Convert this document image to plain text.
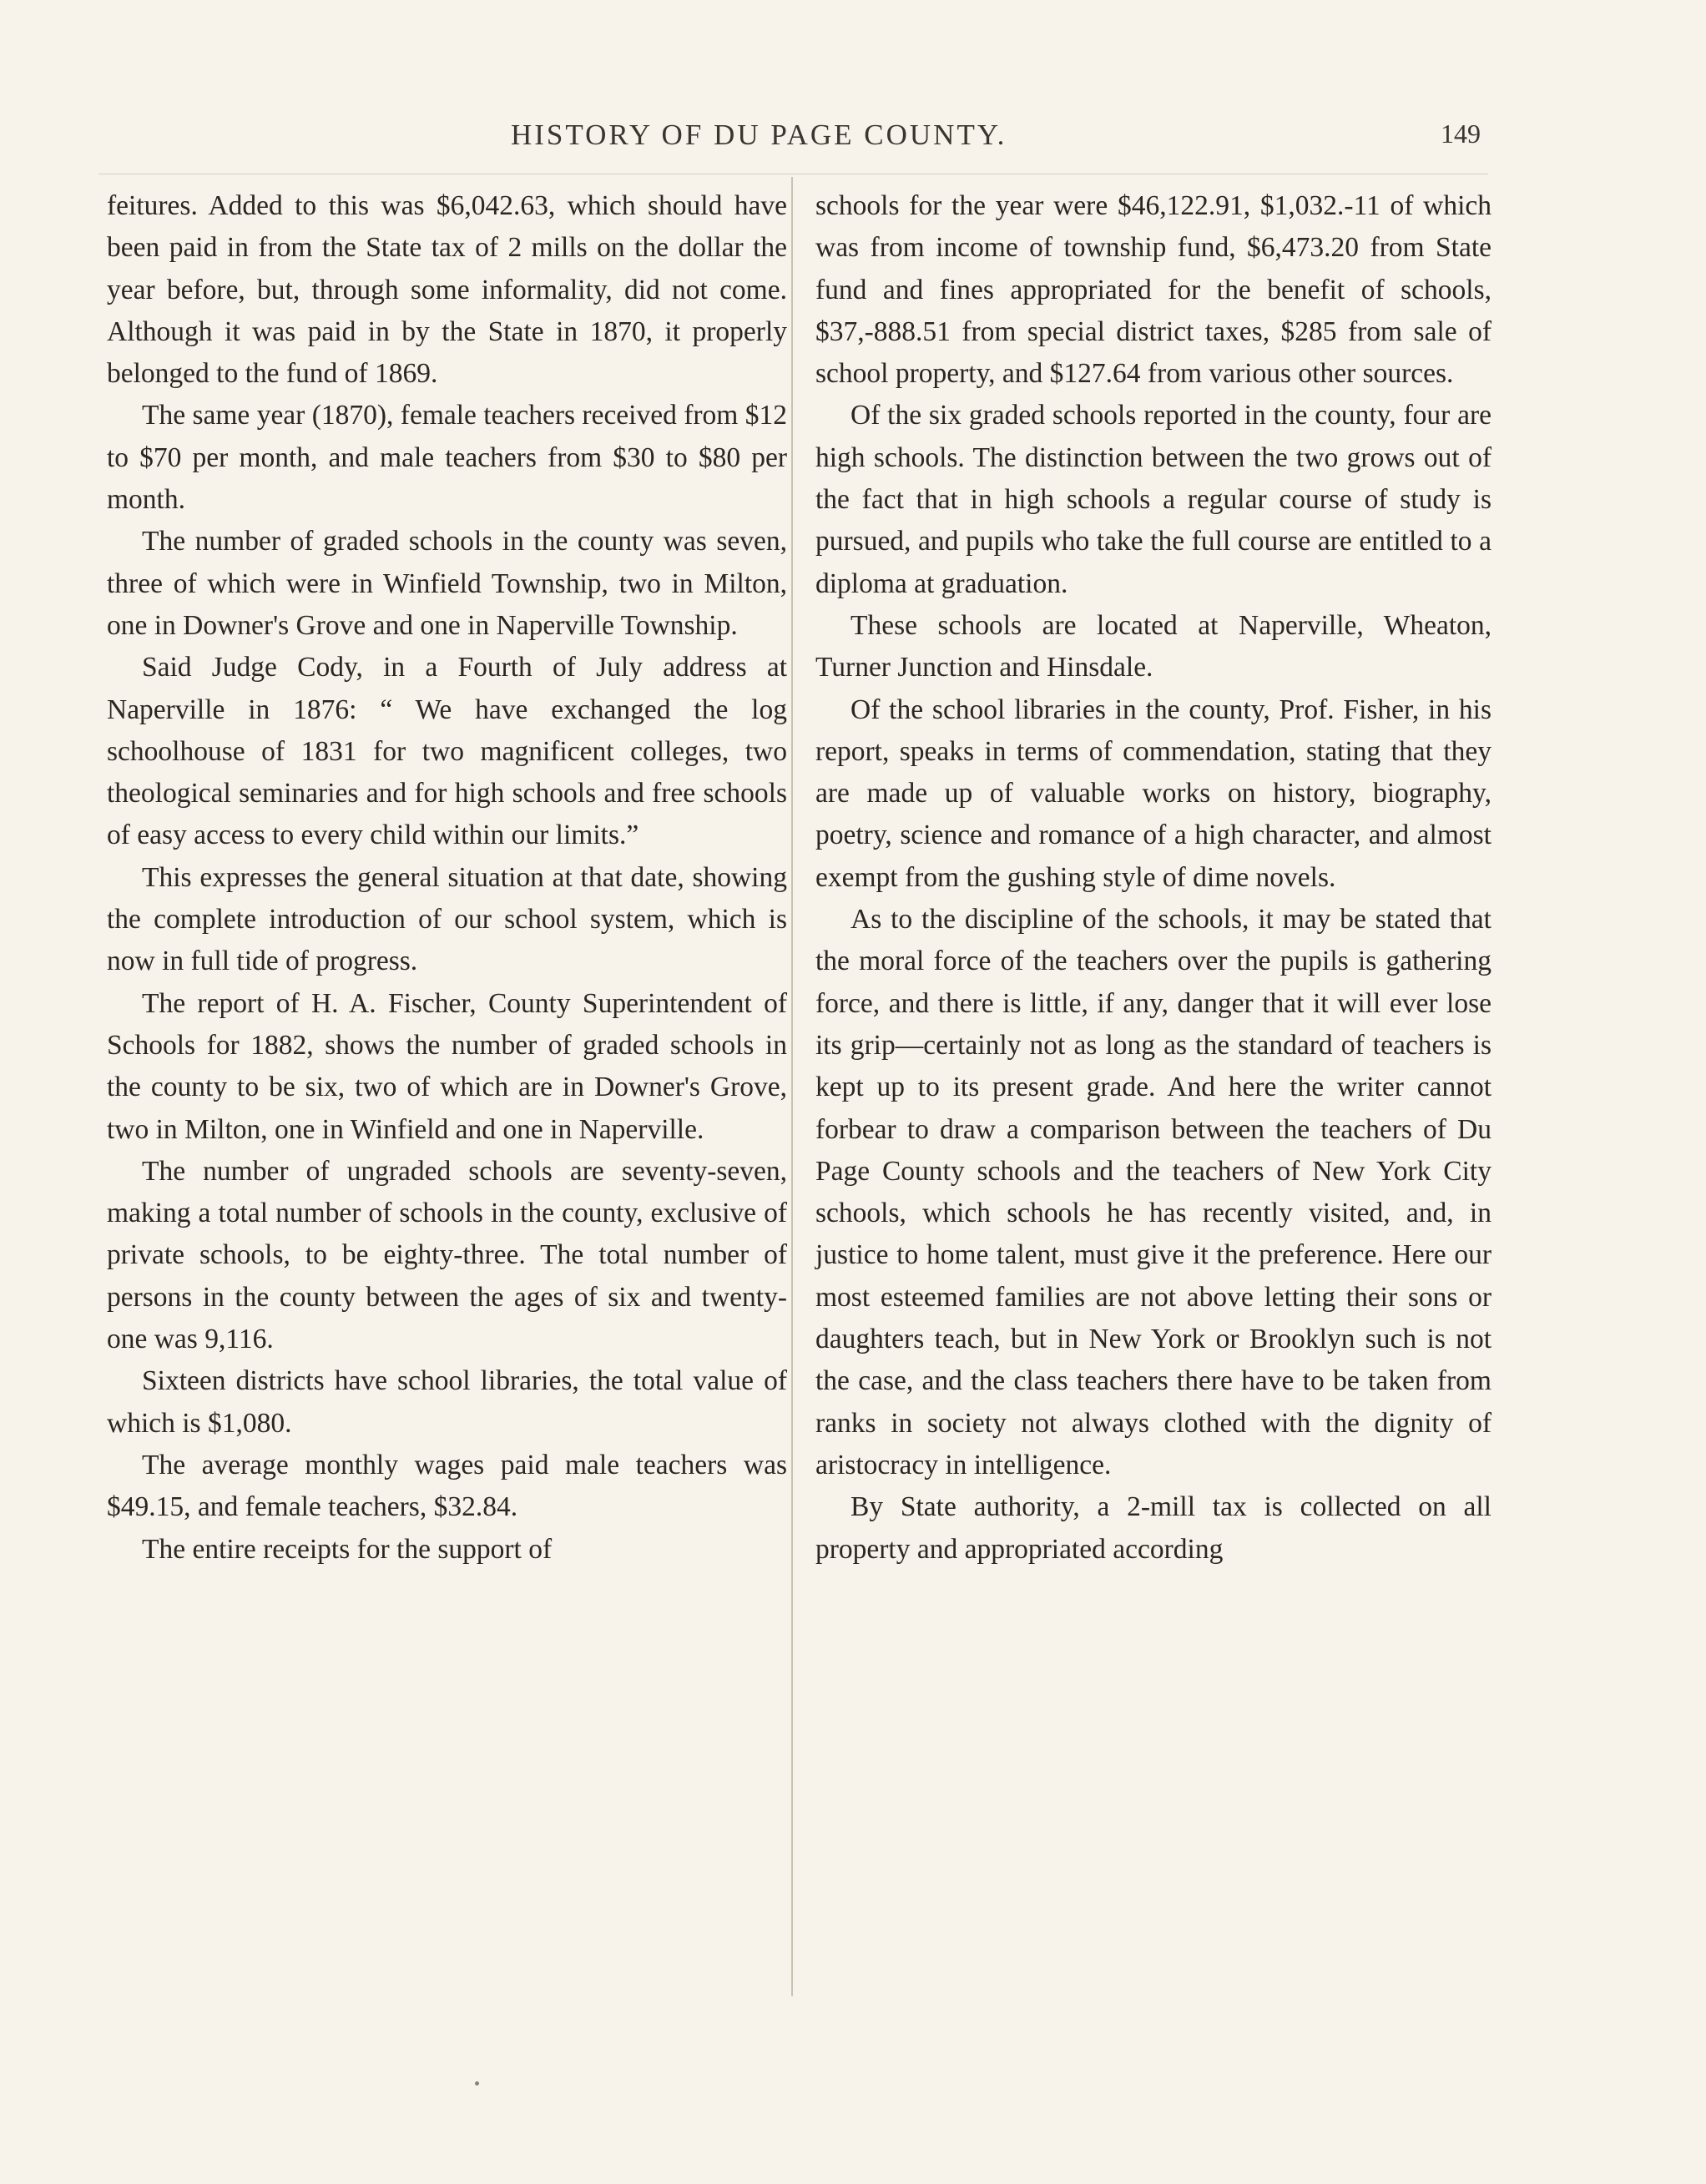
HISTORY OF DU PAGE COUNTY.	149

feitures. Added to this was $6,042.63, which should have been paid in from the State tax of 2 mills on the dollar the year before, but, through some informality, did not come. Although it was paid in by the State in 1870, it properly belonged to the fund of 1869.

The same year (1870), female teachers received from $12 to $70 per month, and male teachers from $30 to $80 per month.

The number of graded schools in the county was seven, three of which were in Winfield Township, two in Milton, one in Downer's Grove and one in Naperville Township.

Said Judge Cody, in a Fourth of July address at Naperville in 1876: “ We have exchanged the log schoolhouse of 1831 for two magnificent colleges, two theological seminaries and for high schools and free schools of easy access to every child within our limits.”

This expresses the general situation at that date, showing the complete introduction of our school system, which is now in full tide of progress.

The report of H. A. Fischer, County Superintendent of Schools for 1882, shows the number of graded schools in the county to be six, two of which are in Downer's Grove, two in Milton, one in Winfield and one in Naperville.

The number of ungraded schools are seventy-seven, making a total number of schools in the county, exclusive of private schools, to be eighty-three. The total number of persons in the county between the ages of six and twenty-one was 9,116.

Sixteen districts have school libraries, the total value of which is $1,080.

The average monthly wages paid male teachers was $49.15, and female teachers, $32.84.

The entire receipts for the support of

schools for the year were $46,122.91, $1,032.-11 of which was from income of township fund, $6,473.20 from State fund and fines appropriated for the benefit of schools, $37,-888.51 from special district taxes, $285 from sale of school property, and $127.64 from various other sources.

Of the six graded schools reported in the county, four are high schools. The distinction between the two grows out of the fact that in high schools a regular course of study is pursued, and pupils who take the full course are entitled to a diploma at graduation.

These schools are located at Naperville, Wheaton, Turner Junction and Hinsdale.

Of the school libraries in the county, Prof. Fisher, in his report, speaks in terms of commendation, stating that they are made up of valuable works on history, biography, poetry, science and romance of a high character, and almost exempt from the gushing style of dime novels.

As to the discipline of the schools, it may be stated that the moral force of the teachers over the pupils is gathering force, and there is little, if any, danger that it will ever lose its grip—certainly not as long as the standard of teachers is kept up to its present grade. And here the writer cannot forbear to draw a comparison between the teachers of Du Page County schools and the teachers of New York City schools, which schools he has recently visited, and, in justice to home talent, must give it the preference. Here our most esteemed families are not above letting their sons or daughters teach, but in New York or Brooklyn such is not the case, and the class teachers there have to be taken from ranks in society not always clothed with the dignity of aristocracy in intelligence.

By State authority, a 2-mill tax is collected on all property and appropriated according
